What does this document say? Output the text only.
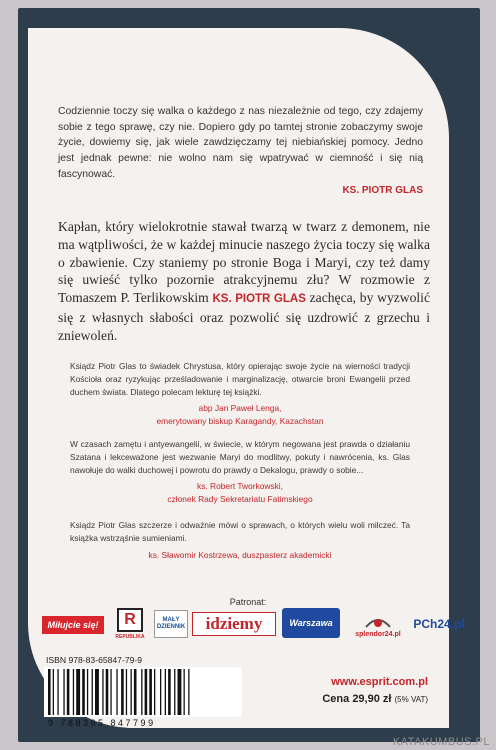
Codziennie toczy się walka o każdego z nas niezależnie od tego, czy zdajemy sobie z tego sprawę, czy nie. Dopiero gdy po tamtej stronie zobaczymy swoje życie, dowiemy się, jak wiele zawdzięczamy tej niebiańskiej pomocy. Jedno jest jednak pewne: nie wolno nam się wpatrywać w ciemność i się nią fascynować.

KS. PIOTR GLAS

Kapłan, który wielokrotnie stawał twarzą w twarz z demonem, nie ma wątpliwości, że w każdej minucie naszego życia toczy się walka o zbawienie. Czy staniemy po stronie Boga i Maryi, czy też damy się uwieść tylko pozornie atrakcyjnemu złu? W rozmowie z Tomaszem P. Terlikowskim KS. PIOTR GLAS zachęca, by wyzwolić się z własnych słabości oraz pozwolić się uzdrowić z grzechu i zniewoleń.

Ksiądz Piotr Glas to świadek Chrystusa, który opierając swoje życie na wierności tradycji Kościoła oraz ryzykując prześladowanie i marginalizację, otwarcie broni Ewangelii przed duchem świata. Dlatego polecam lekturę tej książki.

abp Jan Paweł Lenga,

emerytowany biskup Karagandy, Kazachstan

W czasach zamętu i antyewangelii, w świecie, w którym negowana jest prawda o działaniu Szatana i lekceważone jest wezwanie Maryi do modlitwy, pokuty i nawrócenia, ks. Glas nawołuje do walki duchowej i powrotu do prawdy o Dekalogu, prawdy o sobie...

ks. Robert Tworkowski,

członek Rady Sekretariatu Fatimskiego

Ksiądz Piotr Glas szczerze i odważnie mówi o sprawach, o których wielu woli milczeć. Ta książka wstrząśnie sumieniami.

ks. Sławomir Kostrzewa, duszpasterz akademicki

Patronat:
Miłujcie się!	R
REPUBLIKA
MAŁY DZIENNIK	idziemy	Warszawa
splendor24.pl
PCh24.pl
ISBN 978-83-65847-79-9
9 788365 847799
www.esprit.com.pl
Cena 29,90 zł (5% VAT)
KATAKUMBUS.PL
